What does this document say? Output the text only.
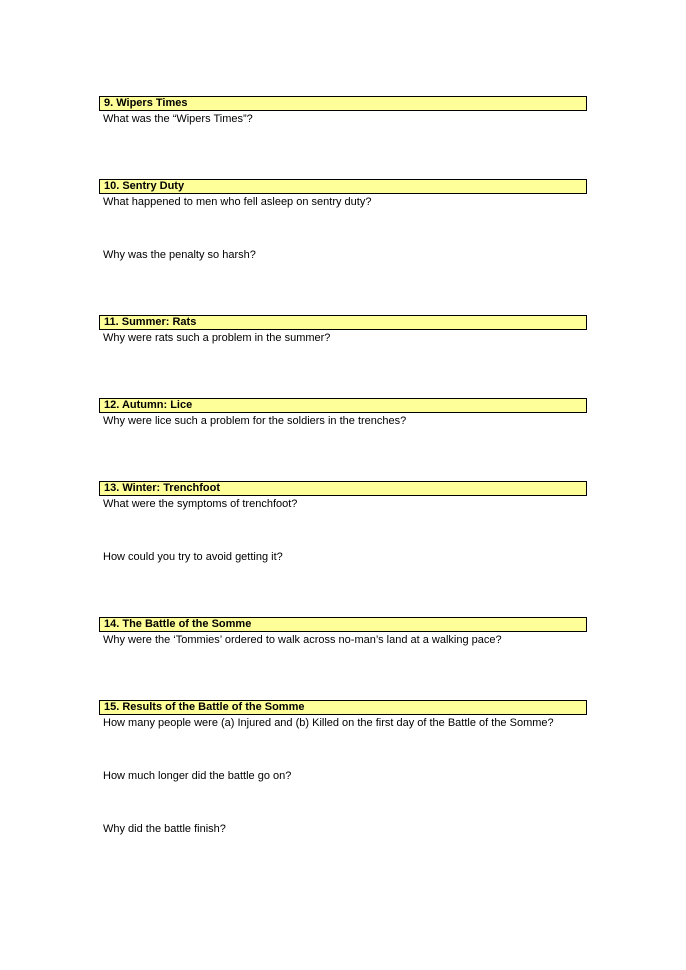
9. Wipers Times
What was the “Wipers Times”?
10. Sentry Duty
What happened to men who fell asleep on sentry duty?
Why was the penalty so harsh?
11. Summer: Rats
Why were rats such a problem in the summer?
12. Autumn: Lice
Why were lice such a problem for the soldiers in the trenches?
13. Winter: Trenchfoot
What were the symptoms of trenchfoot?
How could you try to avoid getting it?
14. The Battle of the Somme
Why were the ‘Tommies’ ordered to walk across no-man’s land at a walking pace?
15. Results of the Battle of the Somme
How many people were (a) Injured and (b) Killed on the first day of the Battle of the Somme?
How much longer did the battle go on?
Why did the battle finish?
